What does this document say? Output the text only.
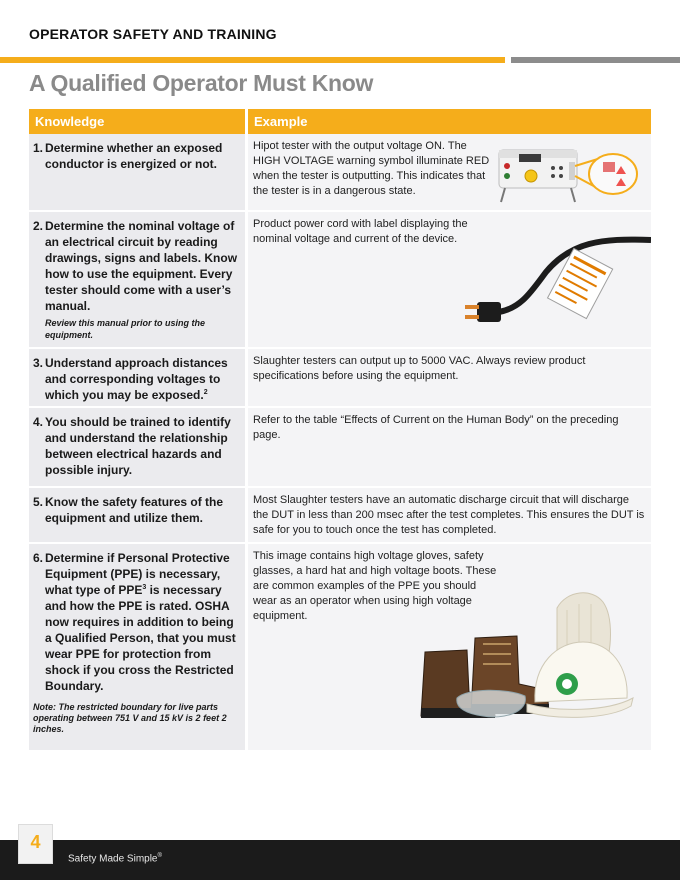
OPERATOR SAFETY AND TRAINING
A Qualified Operator Must Know
Knowledge	Example
1. Determine whether an exposed conductor is energized or not.
Hipot tester with the output voltage ON. The HIGH VOLTAGE warning symbol illuminate RED when the tester is outputting. This indicates that the tester is in a dangerous state.
2. Determine the nominal voltage of an electrical circuit by reading drawings, signs and labels. Know how to use the equipment. Every tester should come with a user’s manual.
Review this manual prior to using the equipment.
Product power cord with label displaying the nominal voltage and current of the device.
3. Understand approach distances and corresponding voltages to which you may be exposed.$^2$
Slaughter testers can output up to 5000 VAC. Always review product specifications before using the equipment.
4. You should be trained to identify and understand the relationship between electrical hazards and possible injury.
Refer to the table “Effects of Current on the Human Body” on the preceding page.
5. Know the safety features of the equipment and utilize them.
Most Slaughter testers have an automatic discharge circuit that will discharge the DUT in less than 200 msec after the test completes. This ensures the DUT is safe for you to touch once the test has completed.
6. Determine if Personal Protective Equipment (PPE) is necessary, what type of PPE$^3$ is necessary and how the PPE is rated. OSHA now requires in addition to being a Qualified Person, that you must wear PPE for protection from shock if you cross the Restricted Boundary.
Note: The restricted boundary for live parts operating between 751 V and 15 kV is 2 feet 2 inches.
This image contains high voltage gloves, safety glasses, a hard hat and high voltage boots. These are common examples of the PPE you should wear as an operator when using high voltage equipment.
4
Safety Made Simple®
